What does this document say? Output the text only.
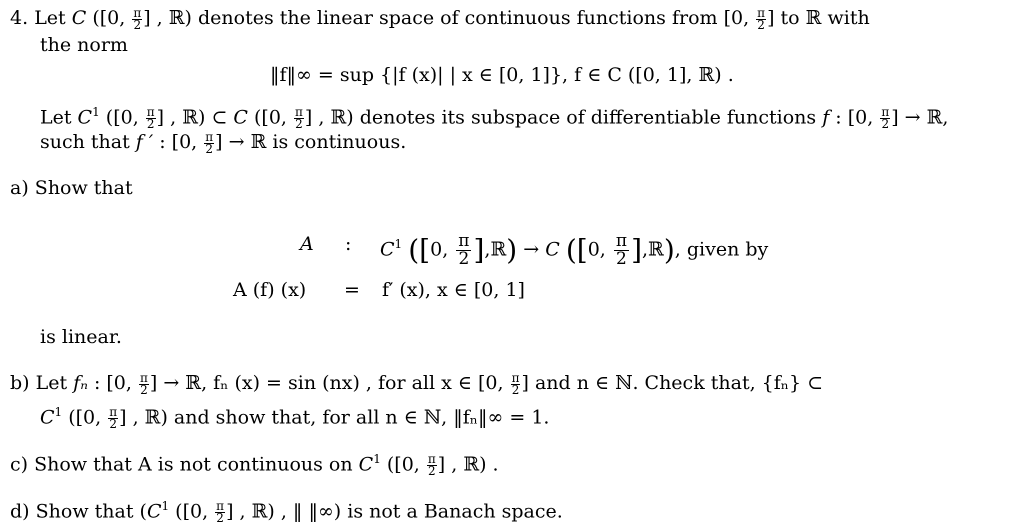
4. Let C ([0, $\frac{\pi}{2}$ ] , ℝ) denotes the linear space of continuous functions from [0, $\frac{\pi}{2}$ ] to ℝ with
the norm
‖f‖∞ = sup {|f (x)| | x ∈ [0, 1]}, f ∈ C ([0, 1], ℝ) .
Let $C^1$ ([0, $\frac{\pi}{2}$ ] , ℝ) ⊂ C ([0, $\frac{\pi}{2}$ ] , ℝ) denotes its subspace of differentiable functions f : [0, $\frac{\pi}{2}$ ] → ℝ,
such that f ′ : [0, $\frac{\pi}{2}$ ] → ℝ is continuous.
a) Show that
A : $C^1$ ([0, $\frac{\pi}{2}$ ],ℝ) → C ([0, $\frac{\pi}{2}$ ],ℝ), given by
A (f) (x) = f′ (x), x ∈ [0, 1]
is linear.
b) Let fₙ : [0, $\frac{\pi}{2}$ ] → ℝ, fₙ (x) = sin (nx) , for all x ∈ [0, $\frac{\pi}{2}$ ] and n ∈ ℕ. Check that, {fₙ} ⊂
$C^1$ ([0, $\frac{\pi}{2}$ ] , ℝ) and show that, for all n ∈ ℕ, ‖fₙ‖∞ = 1.
c) Show that A is not continuous on $C^1$ ([0, $\frac{\pi}{2}$ ] , ℝ) .
d) Show that ($C^1$ ([0, $\frac{\pi}{2}$ ] , ℝ) , ‖ ‖∞) is not a Banach space.
